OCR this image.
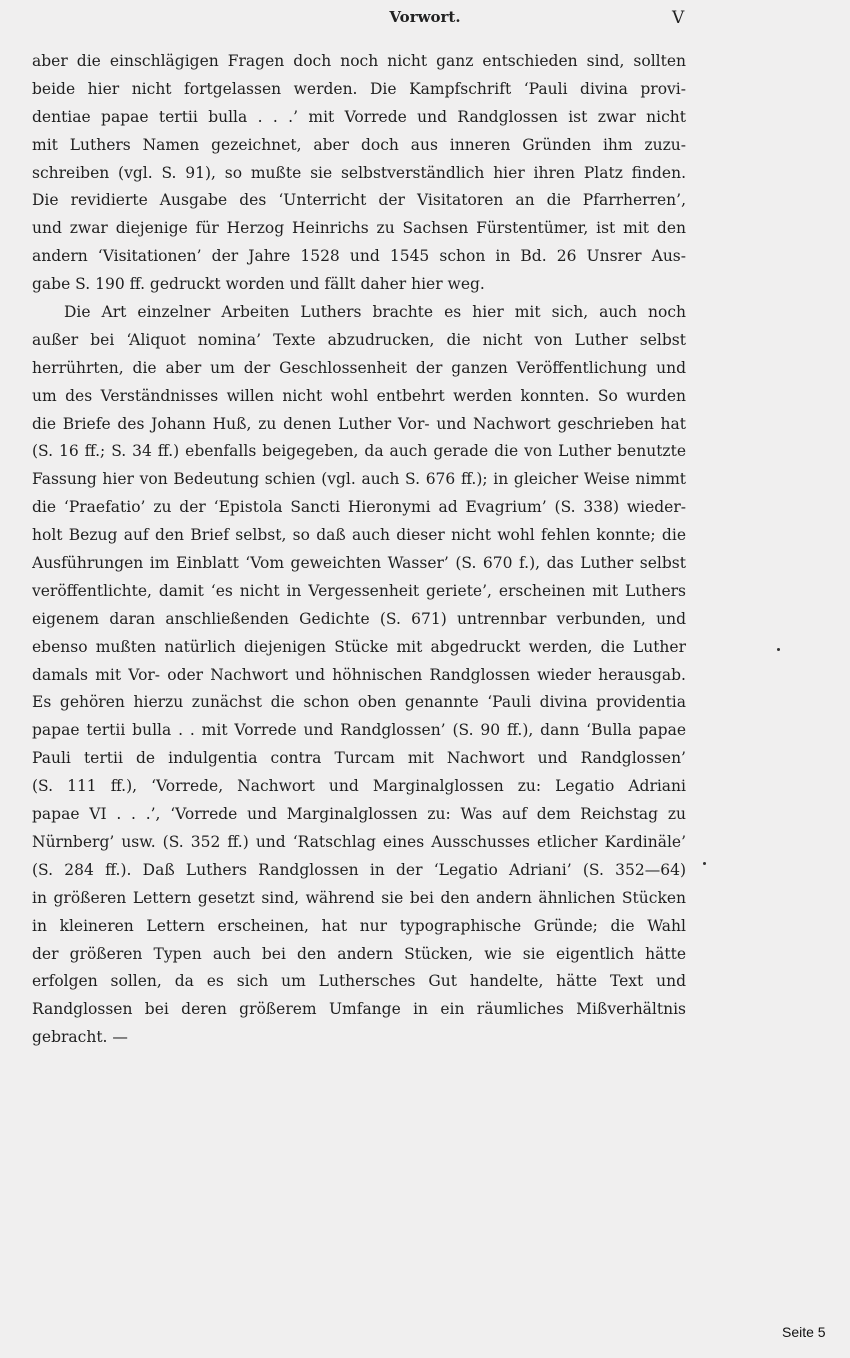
Vorwort.	V
aber die einschlägigen Fragen doch noch nicht ganz entschieden sind, sollten
beide hier nicht fortgelassen werden. Die Kampfschrift ‘Pauli divina provi-
dentiae papae tertii bulla . . .’ mit Vorrede und Randglossen ist zwar nicht
mit Luthers Namen gezeichnet, aber doch aus inneren Gründen ihm zuzu-
schreiben (vgl. S. 91), so mußte sie selbstverständlich hier ihren Platz finden.
Die revidierte Ausgabe des ‘Unterricht der Visitatoren an die Pfarrherren’,
und zwar diejenige für Herzog Heinrichs zu Sachsen Fürstentümer, ist mit den
andern ‘Visitationen’ der Jahre 1528 und 1545 schon in Bd. 26 Unsrer Aus-
gabe S. 190 ff. gedruckt worden und fällt daher hier weg.
Die Art einzelner Arbeiten Luthers brachte es hier mit sich, auch noch
außer bei ‘Aliquot nomina’ Texte abzudrucken, die nicht von Luther selbst
herrührten, die aber um der Geschlossenheit der ganzen Veröffentlichung und
um des Verständnisses willen nicht wohl entbehrt werden konnten. So wurden
die Briefe des Johann Huß, zu denen Luther Vor- und Nachwort geschrieben hat
(S. 16 ff.; S. 34 ff.) ebenfalls beigegeben, da auch gerade die von Luther benutzte
Fassung hier von Bedeutung schien (vgl. auch S. 676 ff.); in gleicher Weise nimmt
die ‘Praefatio’ zu der ‘Epistola Sancti Hieronymi ad Evagrium’ (S. 338) wieder-
holt Bezug auf den Brief selbst, so daß auch dieser nicht wohl fehlen konnte; die
Ausführungen im Einblatt ‘Vom geweichten Wasser’ (S. 670 f.), das Luther selbst
veröffentlichte, damit ‘es nicht in Vergessenheit geriete’, erscheinen mit Luthers
eigenem daran anschließenden Gedichte (S. 671) untrennbar verbunden, und
ebenso mußten natürlich diejenigen Stücke mit abgedruckt werden, die Luther
damals mit Vor- oder Nachwort und höhnischen Randglossen wieder herausgab.
Es gehören hierzu zunächst die schon oben genannte ‘Pauli divina providentia
papae tertii bulla . . mit Vorrede und Randglossen’ (S. 90 ff.), dann ‘Bulla papae
Pauli tertii de indulgentia contra Turcam mit Nachwort und Randglossen’
(S. 111 ff.), ‘Vorrede, Nachwort und Marginalglossen zu: Legatio Adriani
papae VI . . .’, ‘Vorrede und Marginalglossen zu: Was auf dem Reichstag zu
Nürnberg’ usw. (S. 352 ff.) und ‘Ratschlag eines Ausschusses etlicher Kardinäle’
(S. 284 ff.). Daß Luthers Randglossen in der ‘Legatio Adriani’ (S. 352—64)
in größeren Lettern gesetzt sind, während sie bei den andern ähnlichen Stücken
in kleineren Lettern erscheinen, hat nur typographische Gründe; die Wahl
der größeren Typen auch bei den andern Stücken, wie sie eigentlich hätte
erfolgen sollen, da es sich um Luthersches Gut handelte, hätte Text und
Randglossen bei deren größerem Umfange in ein räumliches Mißverhältnis
gebracht. —
Seite 5
